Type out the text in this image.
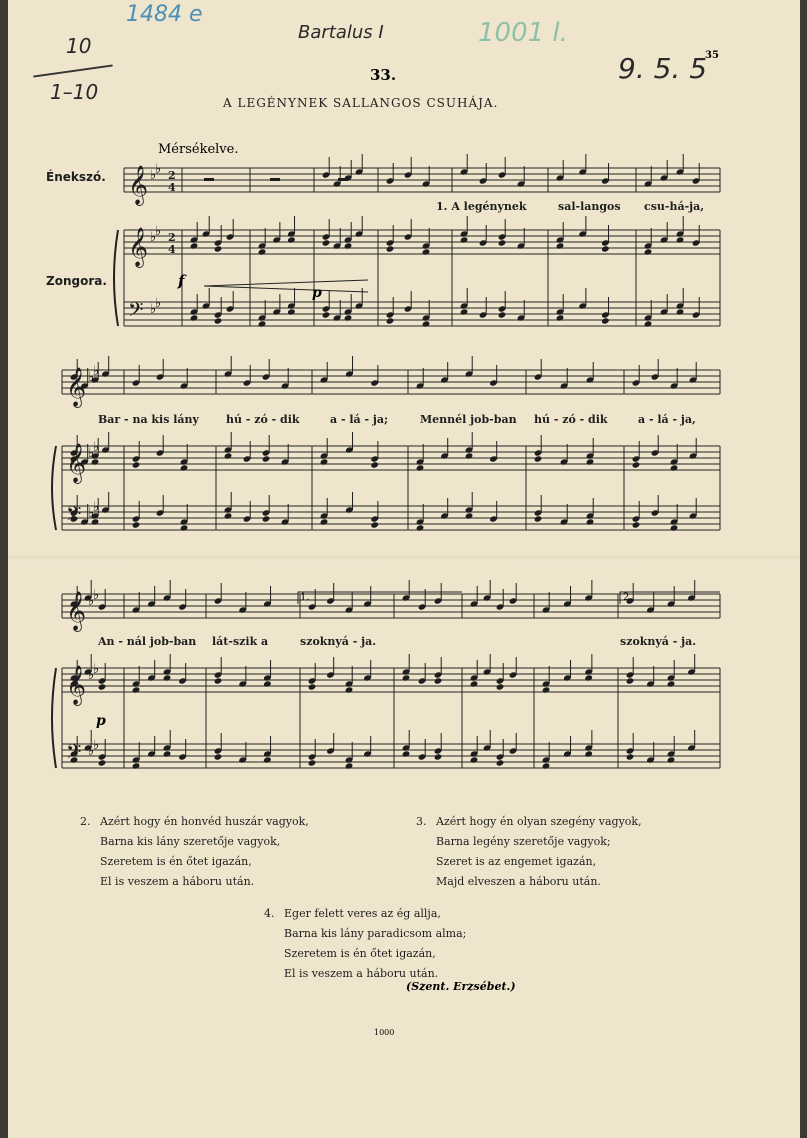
1484 e
Bartalus I	1001 l.
10
1–10
9. 5. 5
35
33.
A LEGÉNYNEK SALLANGOS CSUHÁJA.
Mérsékelve.
Énekszó.
Zongora.
𝄞 ♭
♭
𝄞 ♭
♭
𝄢 ♭
♭
𝄞 ♭
♭
𝄞 ♭
♭
𝄢 ♭
♭
𝄞 ♭
♭
𝄞 ♭
♭
𝄢 ♭
♭
2
4
2
4
f
p
p
1.	2.
1. A legénynek	sal-langos csu-há-ja,
Bar - na kis lány hú - zó - dik	a - lá - ja;	Mennél job-ban hú - zó - dik	a - lá - ja,
An - nál job-ban lát-szik a	szoknyá - ja.	szoknyá - ja.
2. Azért hogy én honvéd huszár vagyok,
Barna kis lány szeretője vagyok,
Szeretem is én őtet igazán,
El is veszem a háboru után.
3. Azért hogy én olyan szegény vagyok,
Barna legény szeretője vagyok;
Szeret is az engemet igazán,
Majd elveszen a háboru után.
4. Eger felett veres az ég allja,
Barna kis lány paradicsom alma;
Szeretem is én őtet igazán,
El is veszem a háboru után.
(Szent. Erzsébet.)
1000
